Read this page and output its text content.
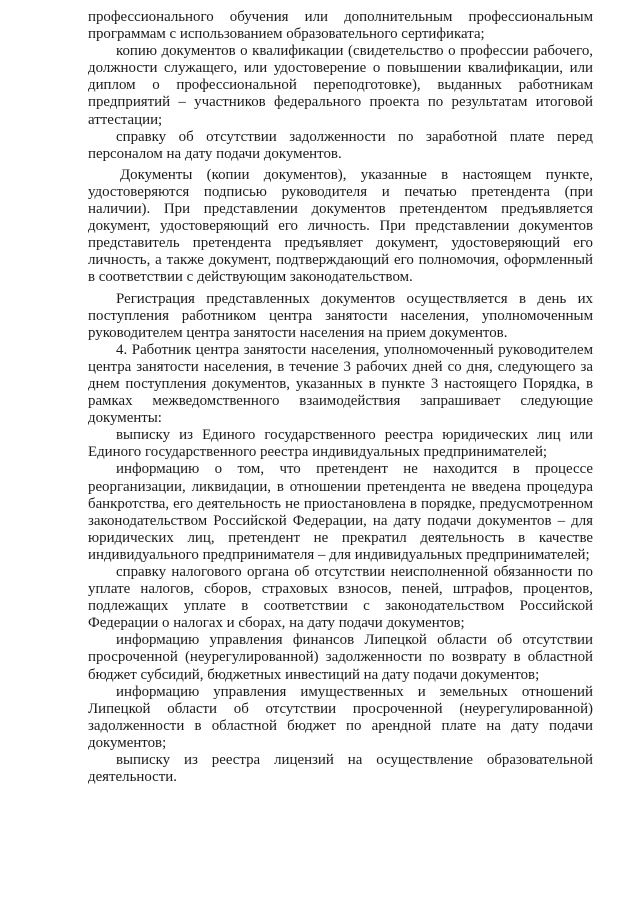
профессионального обучения или дополнительным профессиональным программам с использованием образовательного сертификата;

копию документов о квалификации (свидетельство о профессии рабочего, должности служащего, или удостоверение о повышении квалификации, или диплом о профессиональной переподготовке), выданных работникам предприятий – участников федерального проекта по результатам итоговой аттестации;

справку об отсутствии задолженности по заработной плате перед персоналом на дату подачи документов.

Документы (копии документов), указанные в настоящем пункте, удостоверяются подписью руководителя и печатью претендента (при наличии). При представлении документов претендентом предъявляется документ, удостоверяющий его личность. При представлении документов представитель претендента предъявляет документ, удостоверяющий его личность, а также документ, подтверждающий его полномочия, оформленный в соответствии с действующим законодательством.

Регистрация представленных документов осуществляется в день их поступления работником центра занятости населения, уполномоченным руководителем центра занятости населения на прием документов.

4. Работник центра занятости населения, уполномоченный руководителем центра занятости населения, в течение 3 рабочих дней со дня, следующего за днем поступления документов, указанных в пункте 3 настоящего Порядка, в рамках межведомственного взаимодействия запрашивает следующие документы:

выписку из Единого государственного реестра юридических лиц или Единого государственного реестра индивидуальных предпринимателей;

информацию о том, что претендент не находится в процессе реорганизации, ликвидации, в отношении претендента не введена процедура банкротства, его деятельность не приостановлена в порядке, предусмотренном законодательством Российской Федерации, на дату подачи документов – для юридических лиц, претендент не прекратил деятельность в качестве индивидуального предпринимателя – для индивидуальных предпринимателей;

справку налогового органа об отсутствии неисполненной обязанности по уплате налогов, сборов, страховых взносов, пеней, штрафов, процентов, подлежащих уплате в соответствии с законодательством Российской Федерации о налогах и сборах, на дату подачи документов;

информацию управления финансов Липецкой области об отсутствии просроченной (неурегулированной) задолженности по возврату в областной бюджет субсидий, бюджетных инвестиций на дату подачи документов;

информацию управления имущественных и земельных отношений Липецкой области об отсутствии просроченной (неурегулированной) задолженности в областной бюджет по арендной плате на дату подачи документов;

выписку из реестра лицензий на осуществление образовательной деятельности.
